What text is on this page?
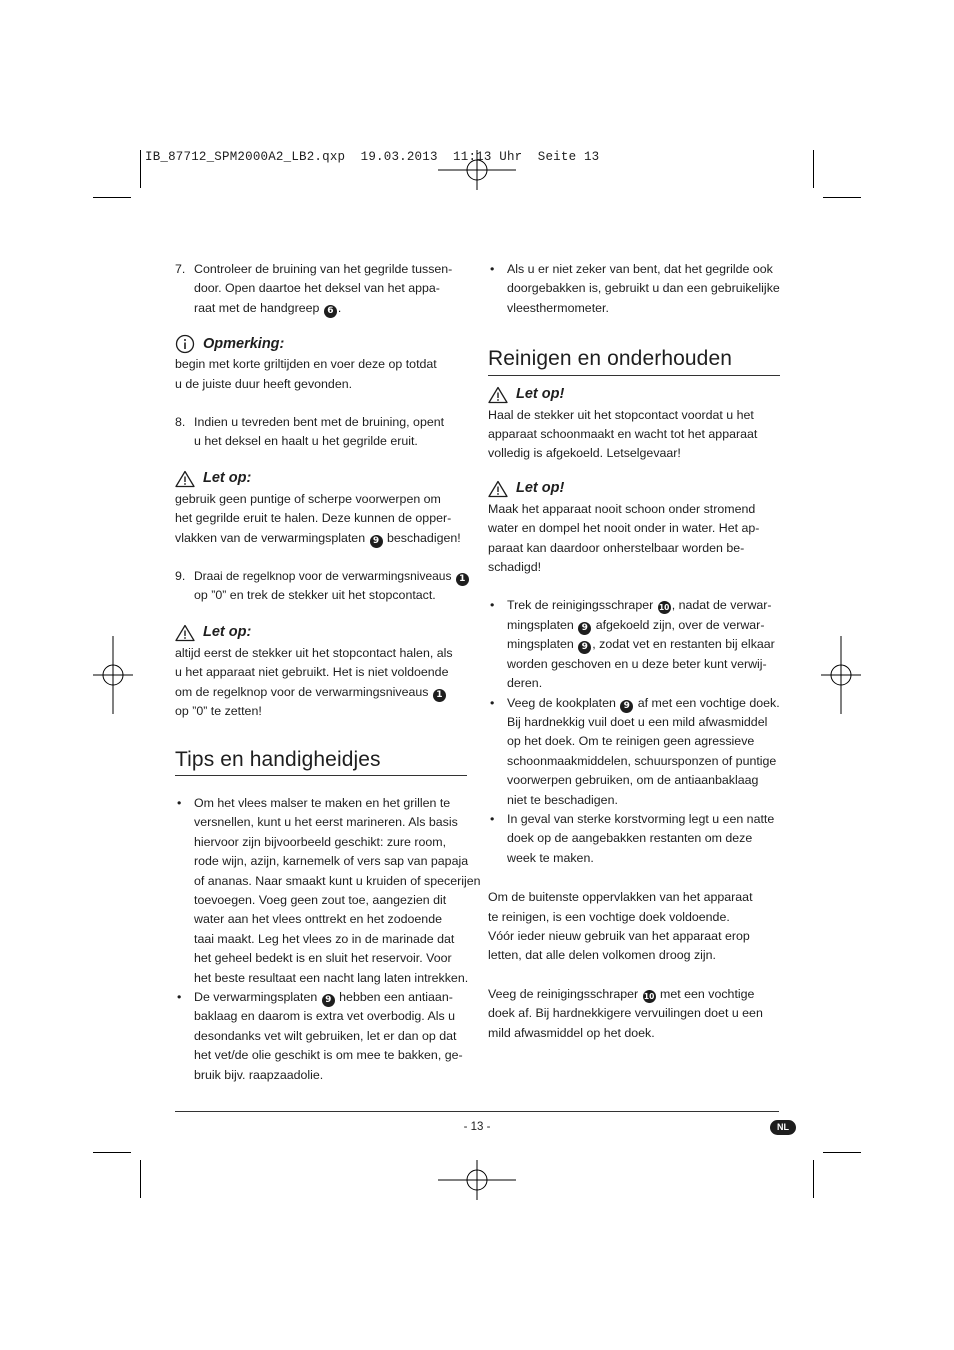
IB_87712_SPM2000A2_LB2.qxp  19.03.2013  11:13 Uhr  Seite 13
7. Controleer de bruining van het gegrilde tussen-

door. Open daartoe het deksel van het appa-

raat met de handgreep 6 .

Opmerking:

begin met korte griltijden en voer deze op totdat

u de juiste duur heeft gevonden.

8. Indien u tevreden bent met de bruining, opent

u het deksel en haalt u het gegrilde eruit.

Let op:

gebruik geen puntige of scherpe voorwerpen om

het gegrilde eruit te halen. Deze kunnen de opper-

vlakken van de verwarmingsplaten 9 beschadigen!

9. Draai de regelknop voor de verwarmingsniveaus 1

op ”0” en trek de stekker uit het stopcontact.

Let op:

altijd eerst de stekker uit het stopcontact halen, als

u het apparaat niet gebruikt. Het is niet voldoende

om de regelknop voor de verwarmingsniveaus 1

op ”0” te zetten!

Tips en handigheidjes
• Om het vlees malser te maken en het grillen te

versnellen, kunt u het eerst marineren. Als basis

hiervoor zijn bijvoorbeeld geschikt: zure room,

rode wijn, azijn, karnemelk of vers sap van papaja

of ananas. Naar smaakt kunt u kruiden of specerijen

toevoegen. Voeg geen zout toe, aangezien dit

water aan het vlees onttrekt en het zodoende

taai maakt. Leg het vlees zo in de marinade dat

het geheel bedekt is en sluit het reservoir. Voor

het beste resultaat een nacht lang laten intrekken.

• De verwarmingsplaten 9 hebben een antiaan-

baklaag en daarom is extra vet overbodig. Als u

desondanks vet wilt gebruiken, let er dan op dat

het vet/de olie geschikt is om mee te bakken, ge-

bruik bijv. raapzaadolie.

• Als u er niet zeker van bent, dat het gegrilde ook

doorgebakken is, gebruikt u dan een gebruikelijke

vleesthermometer.

Reinigen en onderhouden
Let op!

Haal de stekker uit het stopcontact voordat u het

apparaat schoonmaakt en wacht tot het apparaat

volledig is afgekoeld. Letselgevaar!

Let op!

Maak het apparaat nooit schoon onder stromend

water en dompel het nooit onder in water. Het ap-

paraat kan daardoor onherstelbaar worden be-

schadigd!

• Trek de reinigingsschraper 10 , nadat de verwar-

mingsplaten 9 afgekoeld zijn, over de verwar-

mingsplaten 9 , zodat vet en restanten bij elkaar

worden geschoven en u deze beter kunt verwij-

deren.

• Veeg de kookplaten 9 af met een vochtige doek.

Bij hardnekkig vuil doet u een mild afwasmiddel

op het doek. Om te reinigen geen agressieve

schoonmaakmiddelen, schuursponzen of puntige

voorwerpen gebruiken, om de antiaanbaklaag

niet te beschadigen.

• In geval van sterke korstvorming legt u een natte

doek op de aangebakken restanten om deze

week te maken.

Om de buitenste oppervlakken van het apparaat

te reinigen, is een vochtige doek voldoende.

Vóór ieder nieuw gebruik van het apparaat erop

letten, dat alle delen volkomen droog zijn.

Veeg de reinigingsschraper 10 met een vochtige

doek af. Bij hardnekkigere vervuilingen doet u een

mild afwasmiddel op het doek.

- 13 -	NL
